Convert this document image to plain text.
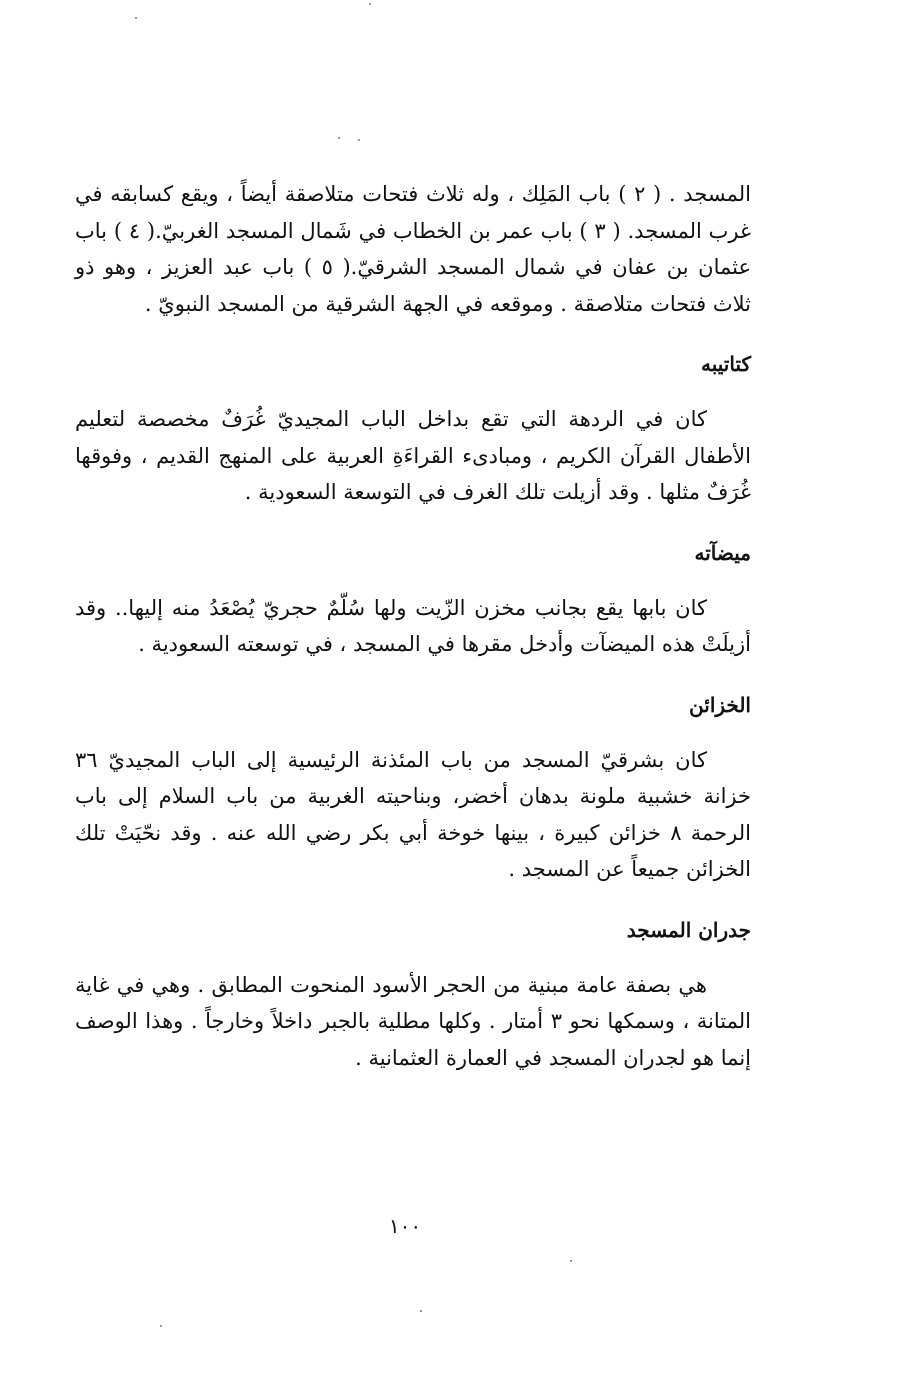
المسجد . ( ٢ ) باب المَلِك ، وله ثلاث فتحات متلاصقة أيضاً ، ويقع كسابقه في غرب المسجد. ( ٣ ) باب عمر بن الخطاب في شَمال المسجد الغربيّ.( ٤ ) باب عثمان بن عفان في شمال المسجد الشرقيّ.( ٥ ) باب عبد العزيز ، وهو ذو ثلاث فتحات متلاصقة . وموقعه في الجهة الشرقية من المسجد النبويّ .

كتاتيبه

كان في الردهة التي تقع بداخل الباب المجيديّ غُرَفٌ مخصصة لتعليم الأطفال القرآن الكريم ، ومبادىء القراءَةِ العربية على المنهج القديم ، وفوقها غُرَفٌ مثلها . وقد أزيلت تلك الغرف في التوسعة السعودية .

ميضآته

كان بابها يقع بجانب مخزن الزّيت ولها سُلّمٌ حجريّ يُصْعَدُ منه إليها.. وقد أزيلَتْ هذه الميضآت وأدخل مقرها في المسجد ، في توسعته السعودية .

الخزائن

كان بشرقيّ المسجد من باب المئذنة الرئيسية إلى الباب المجيديّ ٣٦ خزانة خشبية ملونة بدهان أخضر، وبناحيته الغربية من باب السلام إلى باب الرحمة ٨ خزائن كبيرة ، بينها خوخة أبي بكر رضي الله عنه . وقد نحّيَتْ تلك الخزائن جميعاً عن المسجد .

جدران المسجد

هي بصفة عامة مبنية من الحجر الأسود المنحوت المطابق . وهي في غاية المتانة ، وسمكها نحو ٣ أمتار . وكلها مطلية بالجبر داخلاً وخارجاً . وهذا الوصف إنما هو لجدران المسجد في العمارة العثمانية .

١٠٠
